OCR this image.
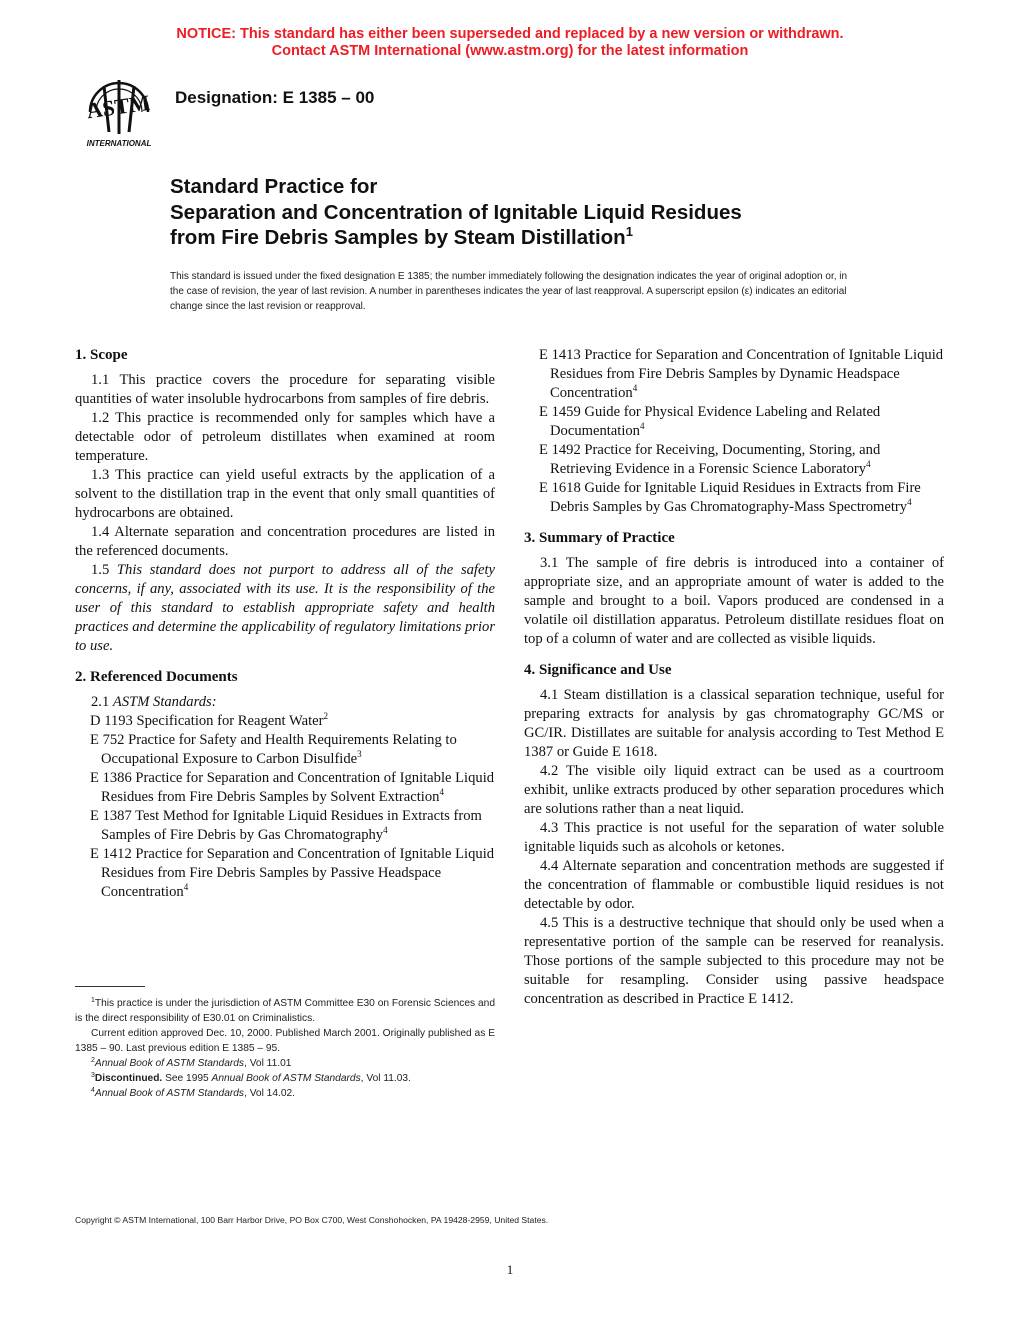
NOTICE: This standard has either been superseded and replaced by a new version or withdrawn.
Contact ASTM International (www.astm.org) for the latest information
ASTM
INTERNATIONAL
Designation: E 1385 – 00
Standard Practice for
Separation and Concentration of Ignitable Liquid Residues
from Fire Debris Samples by Steam Distillation$^1$
This standard is issued under the fixed designation E 1385; the number immediately following the designation indicates the year of original adoption or, in the case of revision, the year of last revision. A number in parentheses indicates the year of last reapproval. A superscript epsilon (ε) indicates an editorial change since the last revision or reapproval.
1. Scope

1.1 This practice covers the procedure for separating visible quantities of water insoluble hydrocarbons from samples of fire debris.

1.2 This practice is recommended only for samples which have a detectable odor of petroleum distillates when examined at room temperature.

1.3 This practice can yield useful extracts by the application of a solvent to the distillation trap in the event that only small quantities of hydrocarbons are obtained.

1.4 Alternate separation and concentration procedures are listed in the referenced documents.

1.5 This standard does not purport to address all of the safety concerns, if any, associated with its use. It is the responsibility of the user of this standard to establish appropriate safety and health practices and determine the applicability of regulatory limitations prior to use.

2. Referenced Documents

2.1 ASTM Standards:

D 1193 Specification for Reagent Water$^2$

E 752 Practice for Safety and Health Requirements Relating to Occupational Exposure to Carbon Disulfide$^3$

E 1386 Practice for Separation and Concentration of Ignitable Liquid Residues from Fire Debris Samples by Solvent Extraction$^4$

E 1387 Test Method for Ignitable Liquid Residues in Extracts from Samples of Fire Debris by Gas Chromatography$^4$

E 1412 Practice for Separation and Concentration of Ignitable Liquid Residues from Fire Debris Samples by Passive Headspace Concentration$^4$

E 1413 Practice for Separation and Concentration of Ignitable Liquid Residues from Fire Debris Samples by Dynamic Headspace Concentration$^4$

E 1459 Guide for Physical Evidence Labeling and Related Documentation$^4$

E 1492 Practice for Receiving, Documenting, Storing, and Retrieving Evidence in a Forensic Science Laboratory$^4$

E 1618 Guide for Ignitable Liquid Residues in Extracts from Fire Debris Samples by Gas Chromatography-Mass Spectrometry$^4$

3. Summary of Practice

3.1 The sample of fire debris is introduced into a container of appropriate size, and an appropriate amount of water is added to the sample and brought to a boil. Vapors produced are condensed in a volatile oil distillation apparatus. Petroleum distillate residues float on top of a column of water and are collected as visible liquids.

4. Significance and Use

4.1 Steam distillation is a classical separation technique, useful for preparing extracts for analysis by gas chromatography GC/MS or GC/IR. Distillates are suitable for analysis according to Test Method E 1387 or Guide E 1618.

4.2 The visible oily liquid extract can be used as a courtroom exhibit, unlike extracts produced by other separation procedures which are solutions rather than a neat liquid.

4.3 This practice is not useful for the separation of water soluble ignitable liquids such as alcohols or ketones.

4.4 Alternate separation and concentration methods are suggested if the concentration of flammable or combustible liquid residues is not detectable by odor.

4.5 This is a destructive technique that should only be used when a representative portion of the sample can be reserved for reanalysis. Those portions of the sample subjected to this procedure may not be suitable for resampling. Consider using passive headspace concentration as described in Practice E 1412.

$^1$This practice is under the jurisdiction of ASTM Committee E30 on Forensic Sciences and is the direct responsibility of E30.01 on Criminalistics.

Current edition approved Dec. 10, 2000. Published March 2001. Originally published as E 1385 – 90. Last previous edition E 1385 – 95.

$^2$Annual Book of ASTM Standards, Vol 11.01

$^3$Discontinued. See 1995 Annual Book of ASTM Standards, Vol 11.03.

$^4$Annual Book of ASTM Standards, Vol 14.02.

Copyright © ASTM International, 100 Barr Harbor Drive, PO Box C700, West Conshohocken, PA 19428-2959, United States.
1
